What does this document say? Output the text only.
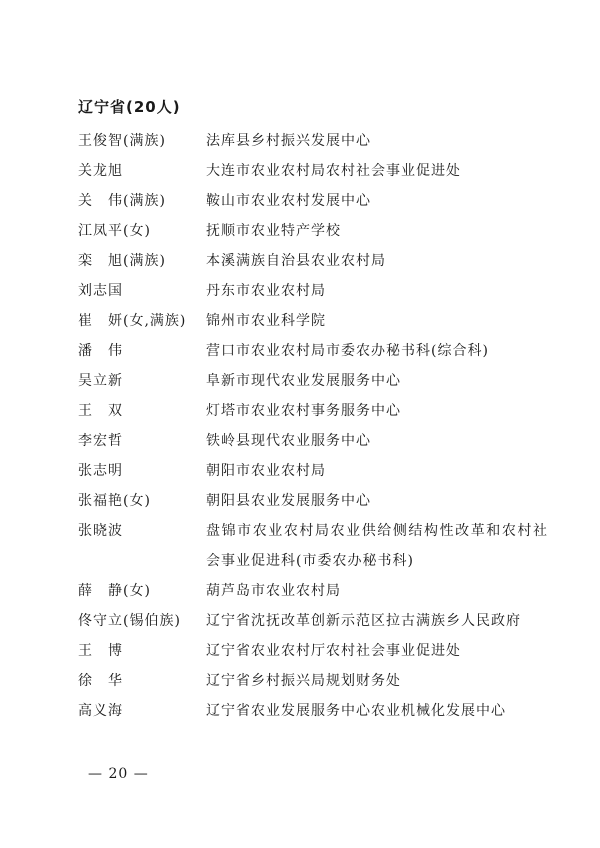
辽宁省(20人)
王俊智(满族)	法库县乡村振兴发展中心
关龙旭	大连市农业农村局农村社会事业促进处
关　伟(满族)	鞍山市农业农村发展中心
江凤平(女)	抚顺市农业特产学校
栾　旭(满族)	本溪满族自治县农业农村局
刘志国	丹东市农业农村局
崔　妍(女,满族)	锦州市农业科学院
潘　伟	营口市农业农村局市委农办秘书科(综合科)
吴立新	阜新市现代农业发展服务中心
王　双	灯塔市农业农村事务服务中心
李宏哲	铁岭县现代农业服务中心
张志明	朝阳市农业农村局
张福艳(女)	朝阳县农业发展服务中心
张晓波	盘锦市农业农村局农业供给侧结构性改革和农村社会事业促进科(市委农办秘书科)
薛　静(女)	葫芦岛市农业农村局
佟守立(锡伯族)	辽宁省沈抚改革创新示范区拉古满族乡人民政府
王　博	辽宁省农业农村厅农村社会事业促进处
徐　华	辽宁省乡村振兴局规划财务处
高义海	辽宁省农业发展服务中心农业机械化发展中心
— 20 —
